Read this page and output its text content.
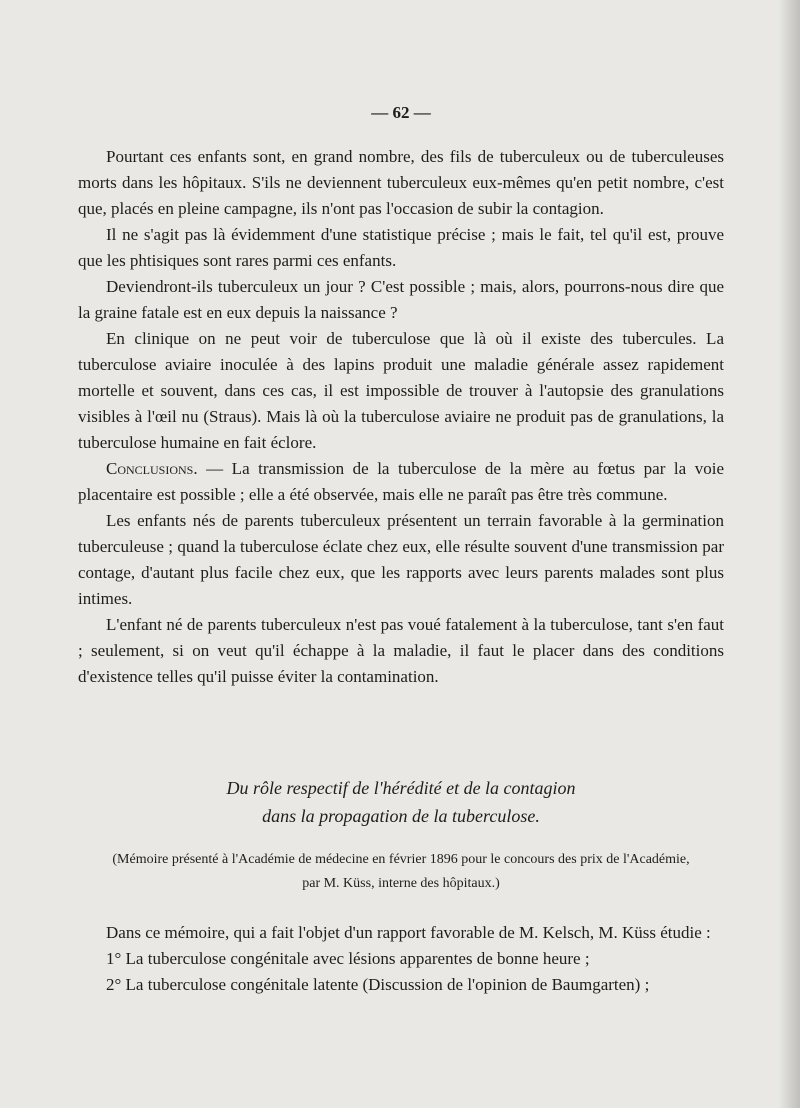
— 62 —

Pourtant ces enfants sont, en grand nombre, des fils de tuberculeux ou de tuberculeuses morts dans les hôpitaux. S'ils ne deviennent tuberculeux eux-mêmes qu'en petit nombre, c'est que, placés en pleine campagne, ils n'ont pas l'occasion de subir la contagion.

Il ne s'agit pas là évidemment d'une statistique précise ; mais le fait, tel qu'il est, prouve que les phtisiques sont rares parmi ces enfants.

Deviendront-ils tuberculeux un jour ? C'est possible ; mais, alors, pourrons-nous dire que la graine fatale est en eux depuis la naissance ?

En clinique on ne peut voir de tuberculose que là où il existe des tubercules. La tuberculose aviaire inoculée à des lapins produit une maladie générale assez rapidement mortelle et souvent, dans ces cas, il est impossible de trouver à l'autopsie des granulations visibles à l'œil nu (Straus). Mais là où la tuberculose aviaire ne produit pas de granulations, la tuberculose humaine en fait éclore.

Conclusions. — La transmission de la tuberculose de la mère au fœtus par la voie placentaire est possible ; elle a été observée, mais elle ne paraît pas être très commune.

Les enfants nés de parents tuberculeux présentent un terrain favorable à la germination tuberculeuse ; quand la tuberculose éclate chez eux, elle résulte souvent d'une transmission par contage, d'autant plus facile chez eux, que les rapports avec leurs parents malades sont plus intimes.

L'enfant né de parents tuberculeux n'est pas voué fatalement à la tuberculose, tant s'en faut ; seulement, si on veut qu'il échappe à la maladie, il faut le placer dans des conditions d'existence telles qu'il puisse éviter la contamination.

Du rôle respectif de l'hérédité et de la contagion
dans la propagation de la tuberculose.
(Mémoire présenté à l'Académie de médecine en février 1896 pour le concours des prix de l'Académie,
par M. Küss, interne des hôpitaux.)

Dans ce mémoire, qui a fait l'objet d'un rapport favorable de M. Kelsch, M. Küss étudie :

1° La tuberculose congénitale avec lésions apparentes de bonne heure ;

2° La tuberculose congénitale latente (Discussion de l'opinion de Baumgarten) ;
